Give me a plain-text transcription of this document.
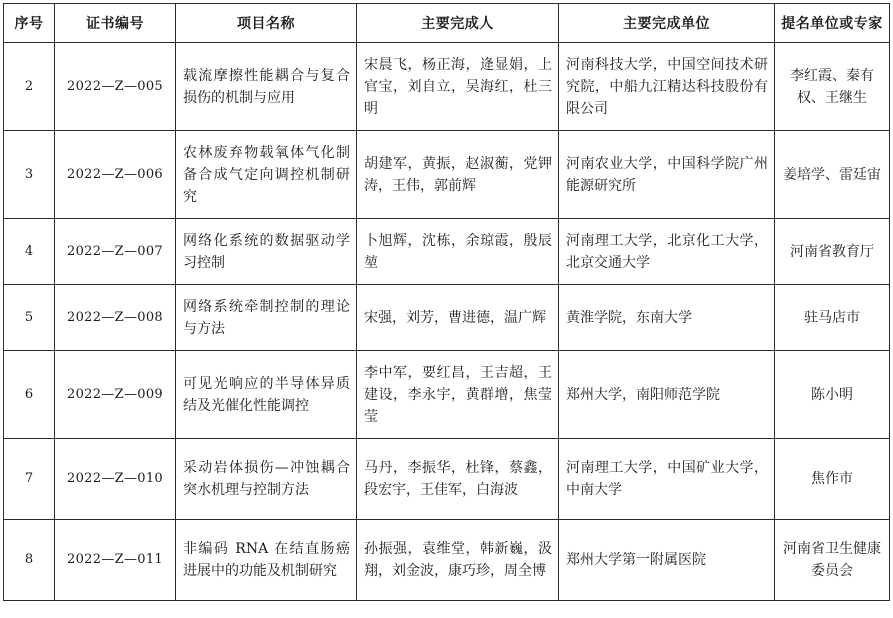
序号	证书编号	项目名称	主要完成人	主要完成单位	提名单位或专家
2	2022—Z—005	载流摩擦性能耦合与复合损伤的机制与应用	宋晨飞，杨正海，逄显娟，上官宝，刘自立，吴海红，杜三明	河南科技大学，中国空间技术研究院，中船九江精达科技股份有限公司	李红霞、秦有权、王继生
3	2022—Z—006	农林废弃物载氧体气化制备合成气定向调控机制研究	胡建军，黄振，赵淑蘅，党钾涛，王伟，郭前辉	河南农业大学，中国科学院广州能源研究所	姜培学、雷廷宙
4	2022—Z—007	网络化系统的数据驱动学习控制	卜旭辉，沈栋，余琼霞，殷辰堃	河南理工大学，北京化工大学，北京交通大学	河南省教育厅
5	2022—Z—008	网络系统牵制控制的理论与方法	宋强，刘芳，曹进德，温广辉	黄淮学院，东南大学	驻马店市
6	2022—Z—009	可见光响应的半导体异质结及光催化性能调控	李中军，要红昌，王吉超，王建设，李永宇，黄群增，焦莹莹	郑州大学，南阳师范学院	陈小明
7	2022—Z—010	采动岩体损伤—冲蚀耦合突水机理与控制方法	马丹，李振华，杜锋，蔡鑫，段宏宇，王佳军，白海波	河南理工大学，中国矿业大学，中南大学	焦作市
8	2022—Z—011	非编码 RNA 在结直肠癌进展中的功能及机制研究	孙振强，袁维堂，韩新巍，汲翔，刘金波，康巧珍，周全博	郑州大学第一附属医院	河南省卫生健康委员会
